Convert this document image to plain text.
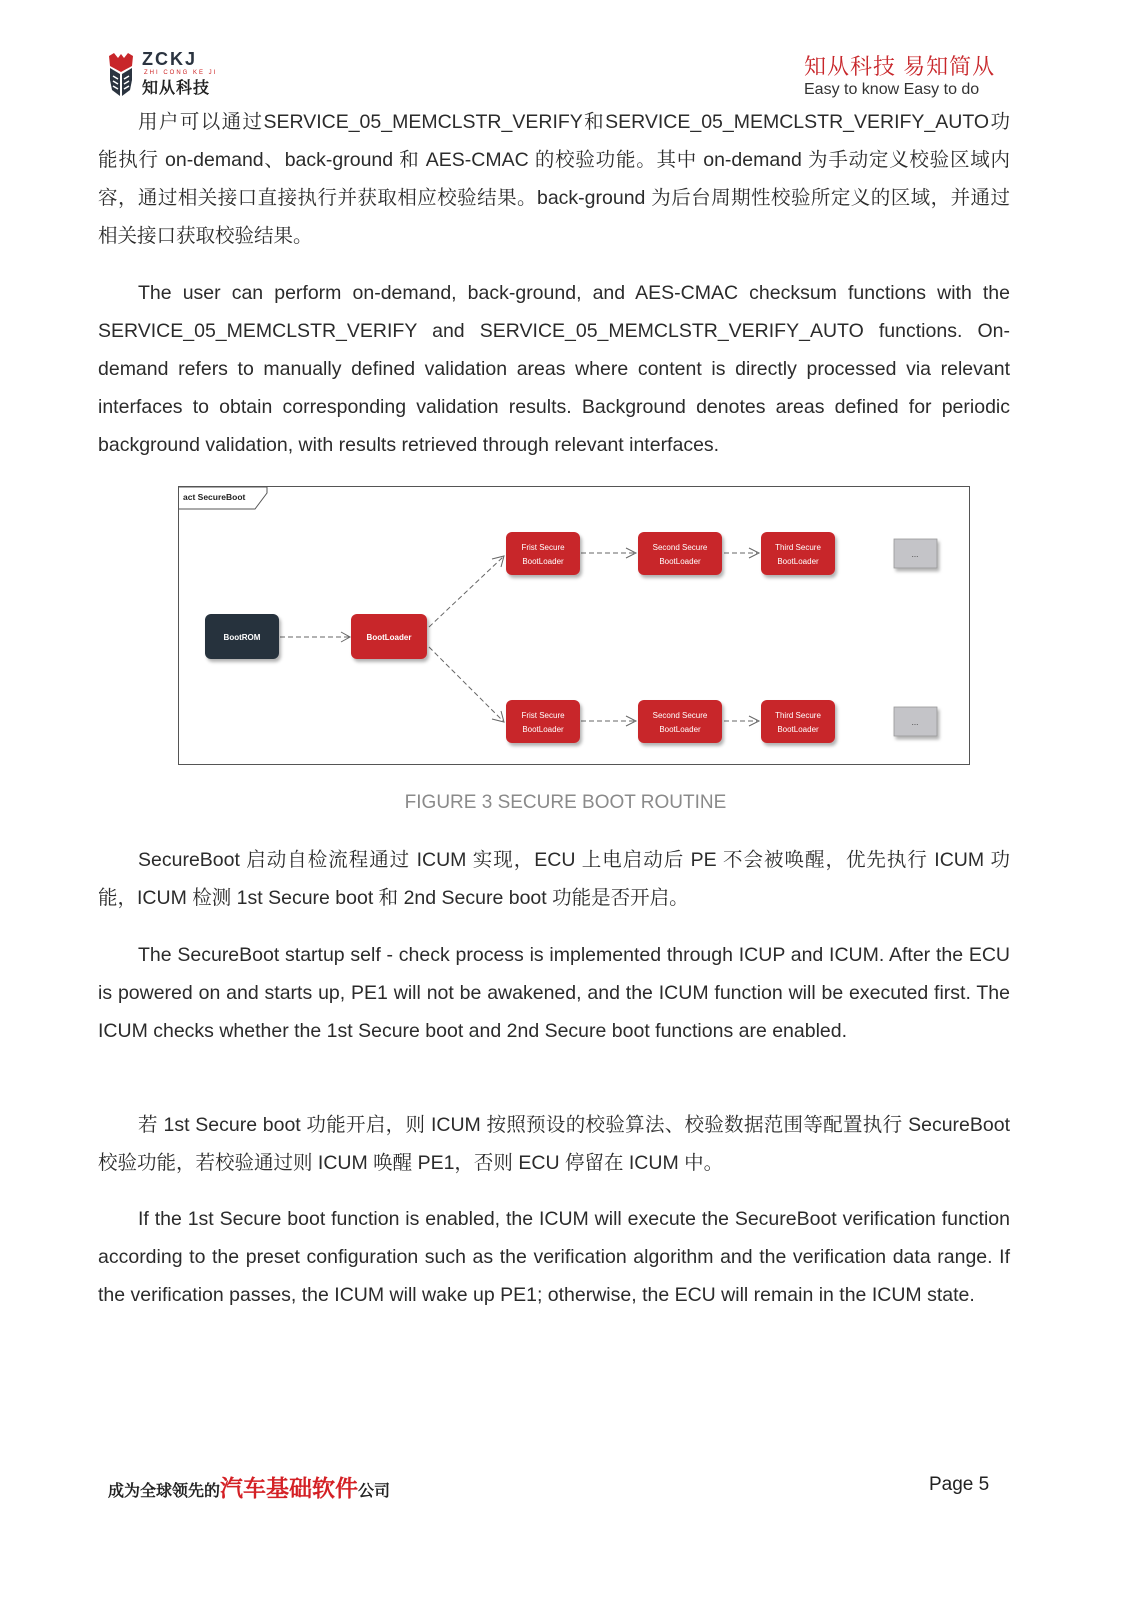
ZCKJ
ZHI CONG KE JI
知从科技
知从科技 易知简从
Easy to know Easy to do

用户可以通过SERVICE_05_MEMCLSTR_VERIFY和SERVICE_05_MEMCLSTR_VERIFY_AUTO功能执行 on-demand、back-ground 和 AES-CMAC 的校验功能。其中 on-demand 为手动定义校验区域内容，通过相关接口直接执行并获取相应校验结果。back-ground 为后台周期性校验所定义的区域，并通过相关接口获取校验结果。

The user can perform on-demand, back-ground, and AES-CMAC checksum functions with the SERVICE_05_MEMCLSTR_VERIFY and SERVICE_05_MEMCLSTR_VERIFY_AUTO functions. On-demand refers to manually defined validation areas where content is directly processed via relevant interfaces to obtain corresponding validation results. Background denotes areas defined for periodic background validation, with results retrieved through relevant interfaces.

act SecureBoot
BootROM	BootLoader
Frist Secure
BootLoader
Second Secure
BootLoader
Third Secure
BootLoader
...
Frist Secure
BootLoader
Second Secure
BootLoader
Third Secure
BootLoader
...
FIGURE 3 SECURE BOOT ROUTINE

SecureBoot 启动自检流程通过 ICUM 实现，ECU 上电启动后 PE 不会被唤醒，优先执行 ICUM 功能，ICUM 检测 1st Secure boot 和 2nd Secure boot 功能是否开启。

The SecureBoot startup self - check process is implemented through ICUP and ICUM. After the ECU is powered on and starts up, PE1 will not be awakened, and the ICUM function will be executed first. The ICUM checks whether the 1st Secure boot and 2nd Secure boot functions are enabled.

若 1st Secure boot 功能开启，则 ICUM 按照预设的校验算法、校验数据范围等配置执行 SecureBoot 校验功能，若校验通过则 ICUM 唤醒 PE1，否则 ECU 停留在 ICUM 中。

If the 1st Secure boot function is enabled, the ICUM will execute the SecureBoot verification function according to the preset configuration such as the verification algorithm and the verification data range. If the verification passes, the ICUM will wake up PE1; otherwise, the ECU will remain in the ICUM state.

成为全球领先的汽车基础软件公司	Page 5
